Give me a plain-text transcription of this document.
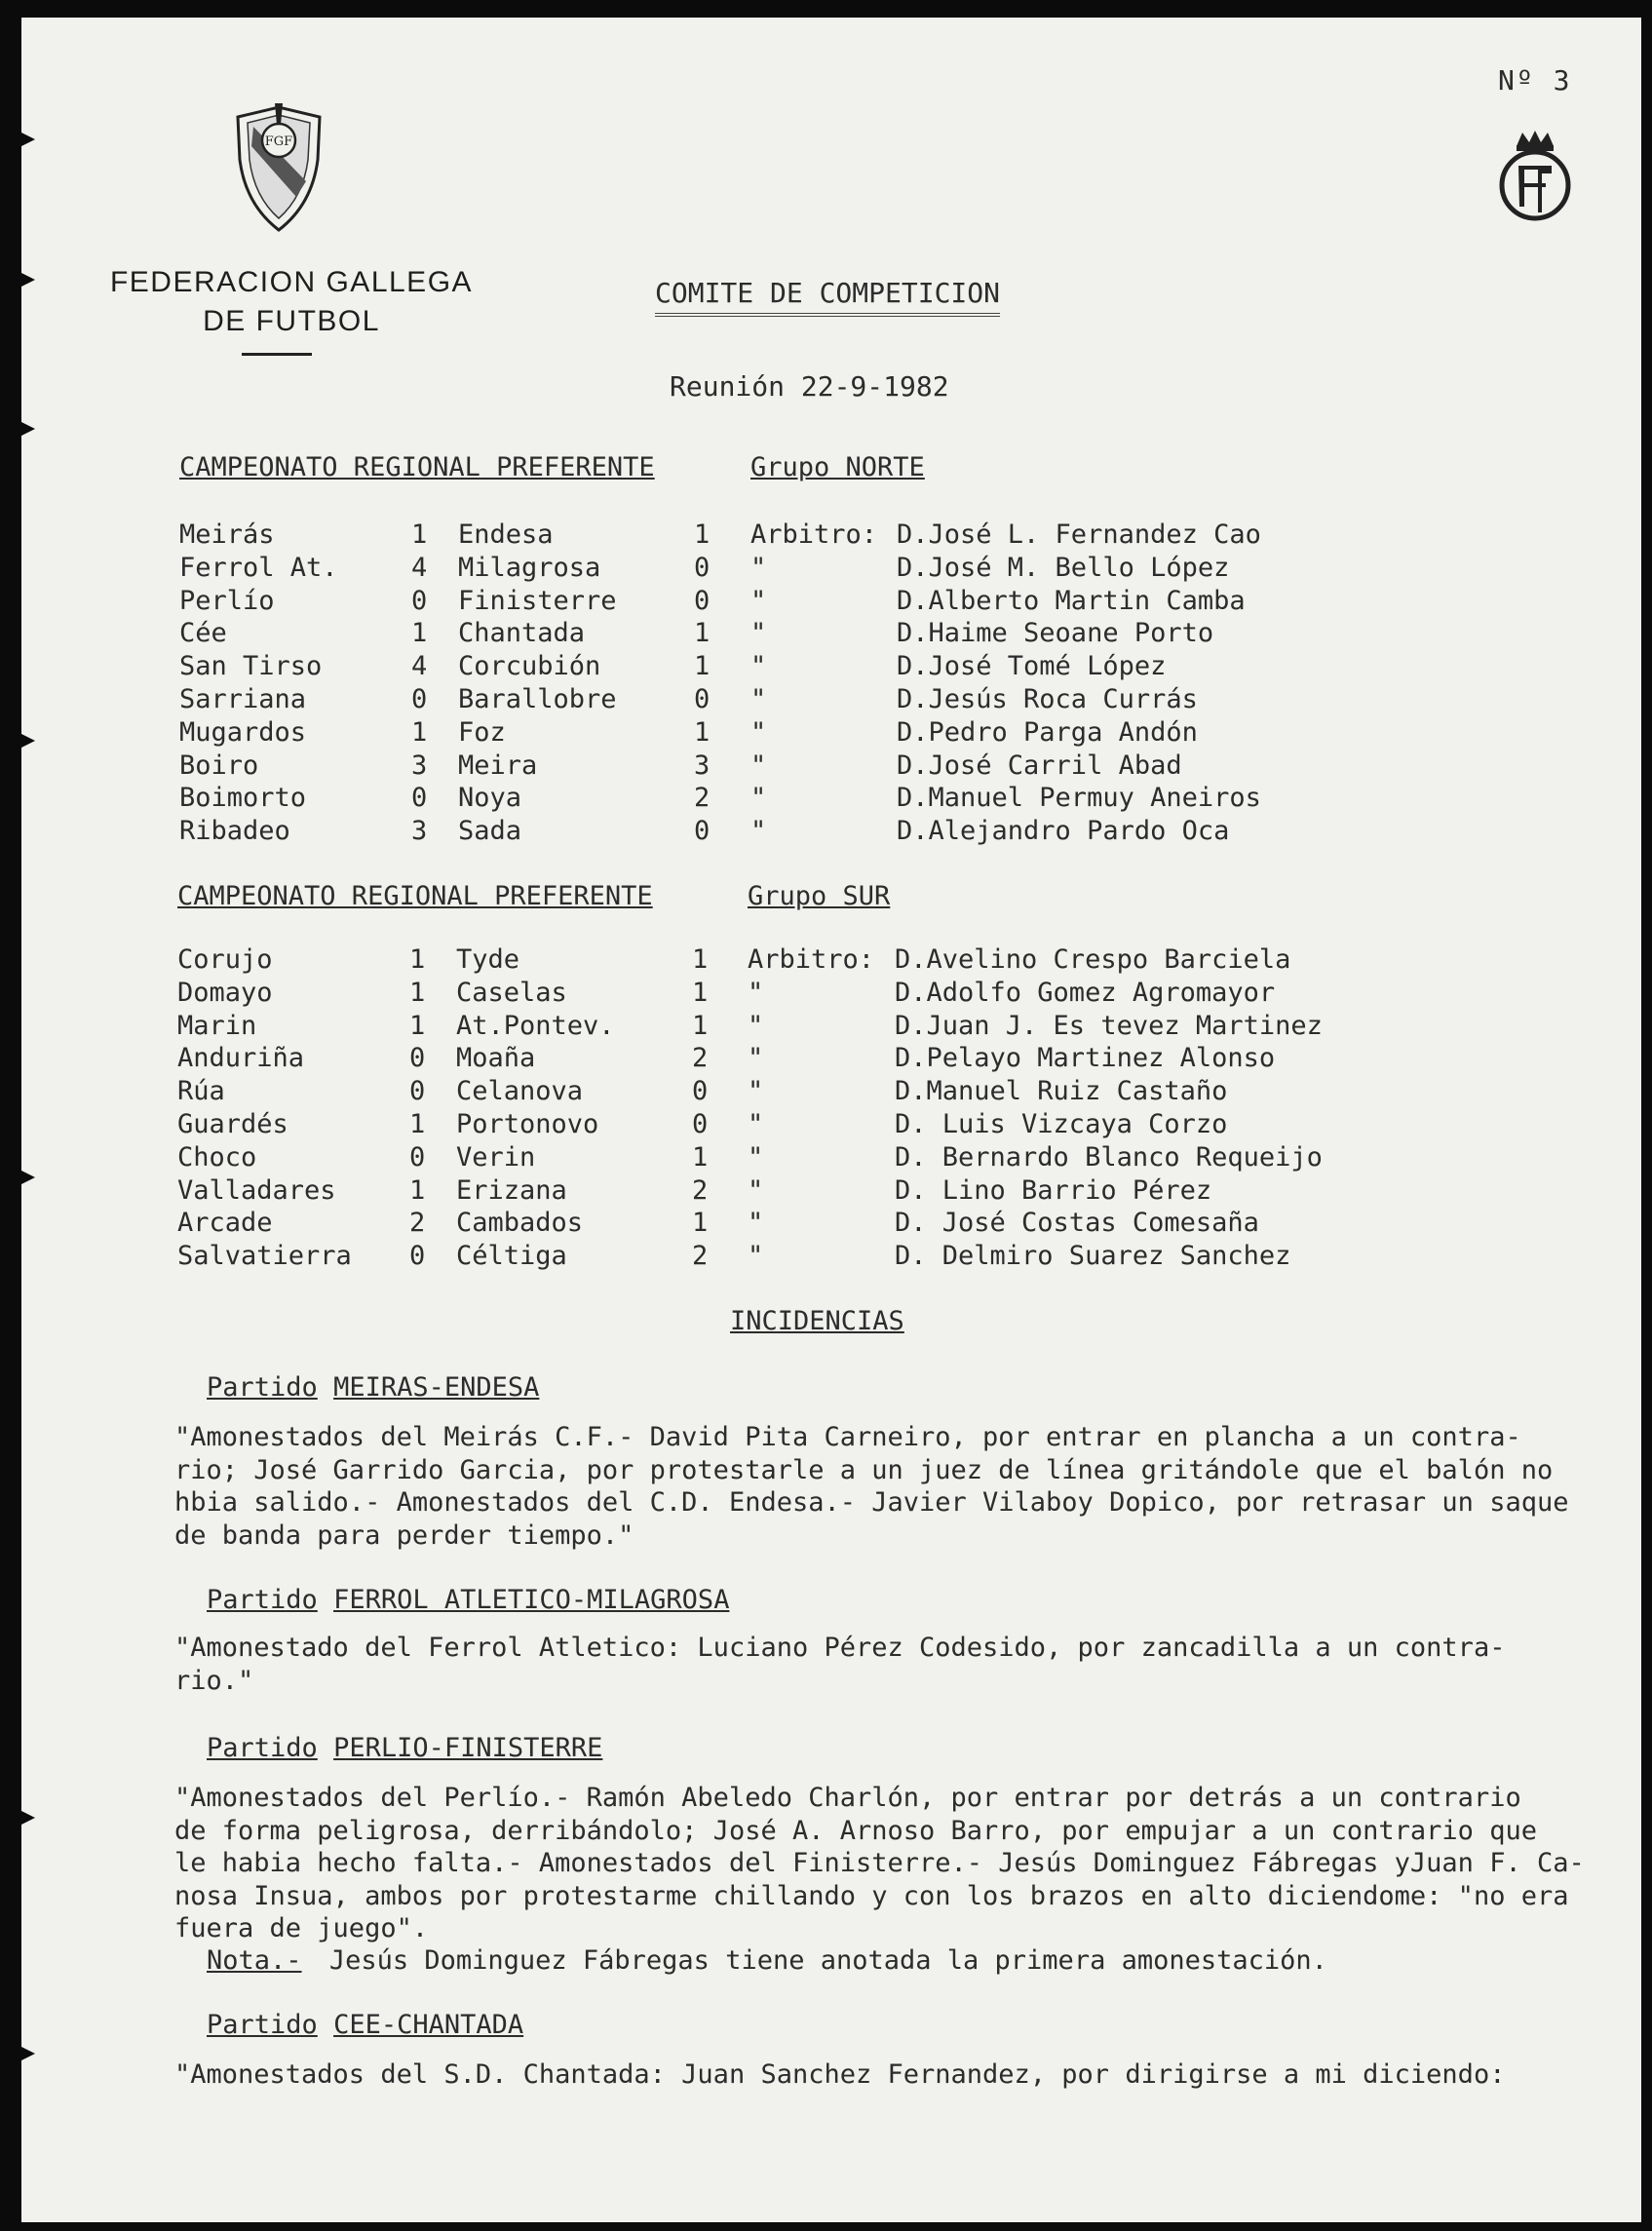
Nº 3
FGF
FEDERACION GALLEGA
DE FUTBOL
COMITE DE COMPETICION
Reunión 22-9-1982
CAMPEONATO REGIONAL PREFERENTE	Grupo NORTE
Meirás	1 Endesa	1 Arbitro: D.José L. Fernandez Cao
Ferrol At.	4 Milagrosa	0 "	D.José M. Bello López
Perlío	0 Finisterre	0 "	D.Alberto Martin Camba
Cée	1 Chantada	1 "	D.Haime Seoane Porto
San Tirso	4 Corcubión	1 "	D.José Tomé López
Sarriana	0 Barallobre	0 "	D.Jesús Roca Currás
Mugardos	1 Foz	1 "	D.Pedro Parga Andón
Boiro	3 Meira	3 "	D.José Carril Abad
Boimorto	0 Noya	2 "	D.Manuel Permuy Aneiros
Ribadeo	3 Sada	0 "	D.Alejandro Pardo Oca
CAMPEONATO REGIONAL PREFERENTE	Grupo SUR
Corujo	1 Tyde	1 Arbitro: D.Avelino Crespo Barciela
Domayo	1 Caselas	1 "	D.Adolfo Gomez Agromayor
Marin	1 At.Pontev.	1 "	D.Juan J. Es tevez Martinez
Anduriña	0 Moaña	2 "	D.Pelayo Martinez Alonso
Rúa	0 Celanova	0 "	D.Manuel Ruiz Castaño
Guardés	1 Portonovo	0 "	D. Luis Vizcaya Corzo
Choco	0 Verin	1 "	D. Bernardo Blanco Requeijo
Valladares	1 Erizana	2 "	D. Lino Barrio Pérez
Arcade	2 Cambados	1 "	D. José Costas Comesaña
Salvatierra 0 Céltiga	2 "	D. Delmiro Suarez Sanchez
INCIDENCIAS
Partido MEIRAS-ENDESA
"Amonestados del Meirás C.F.- David Pita Carneiro, por entrar en plancha a un contra-
rio; José Garrido Garcia, por protestarle a un juez de línea gritándole que el balón no
hbia salido.- Amonestados del C.D. Endesa.- Javier Vilaboy Dopico, por retrasar un saque
de banda para perder tiempo."
Partido FERROL ATLETICO-MILAGROSA
"Amonestado del Ferrol Atletico: Luciano Pérez Codesido, por zancadilla a un contra-
rio."
Partido PERLIO-FINISTERRE
"Amonestados del Perlío.- Ramón Abeledo Charlón, por entrar por detrás a un contrario
de forma peligrosa, derribándolo; José A. Arnoso Barro, por empujar a un contrario que
le habia hecho falta.- Amonestados del Finisterre.- Jesús Dominguez Fábregas yJuan F. Ca-
nosa Insua, ambos por protestarme chillando y con los brazos en alto diciendome: "no era
fuera de juego".
Nota.- Jesús Dominguez Fábregas tiene anotada la primera amonestación.
Partido CEE-CHANTADA
"Amonestados del S.D. Chantada: Juan Sanchez Fernandez, por dirigirse a mi diciendo:
